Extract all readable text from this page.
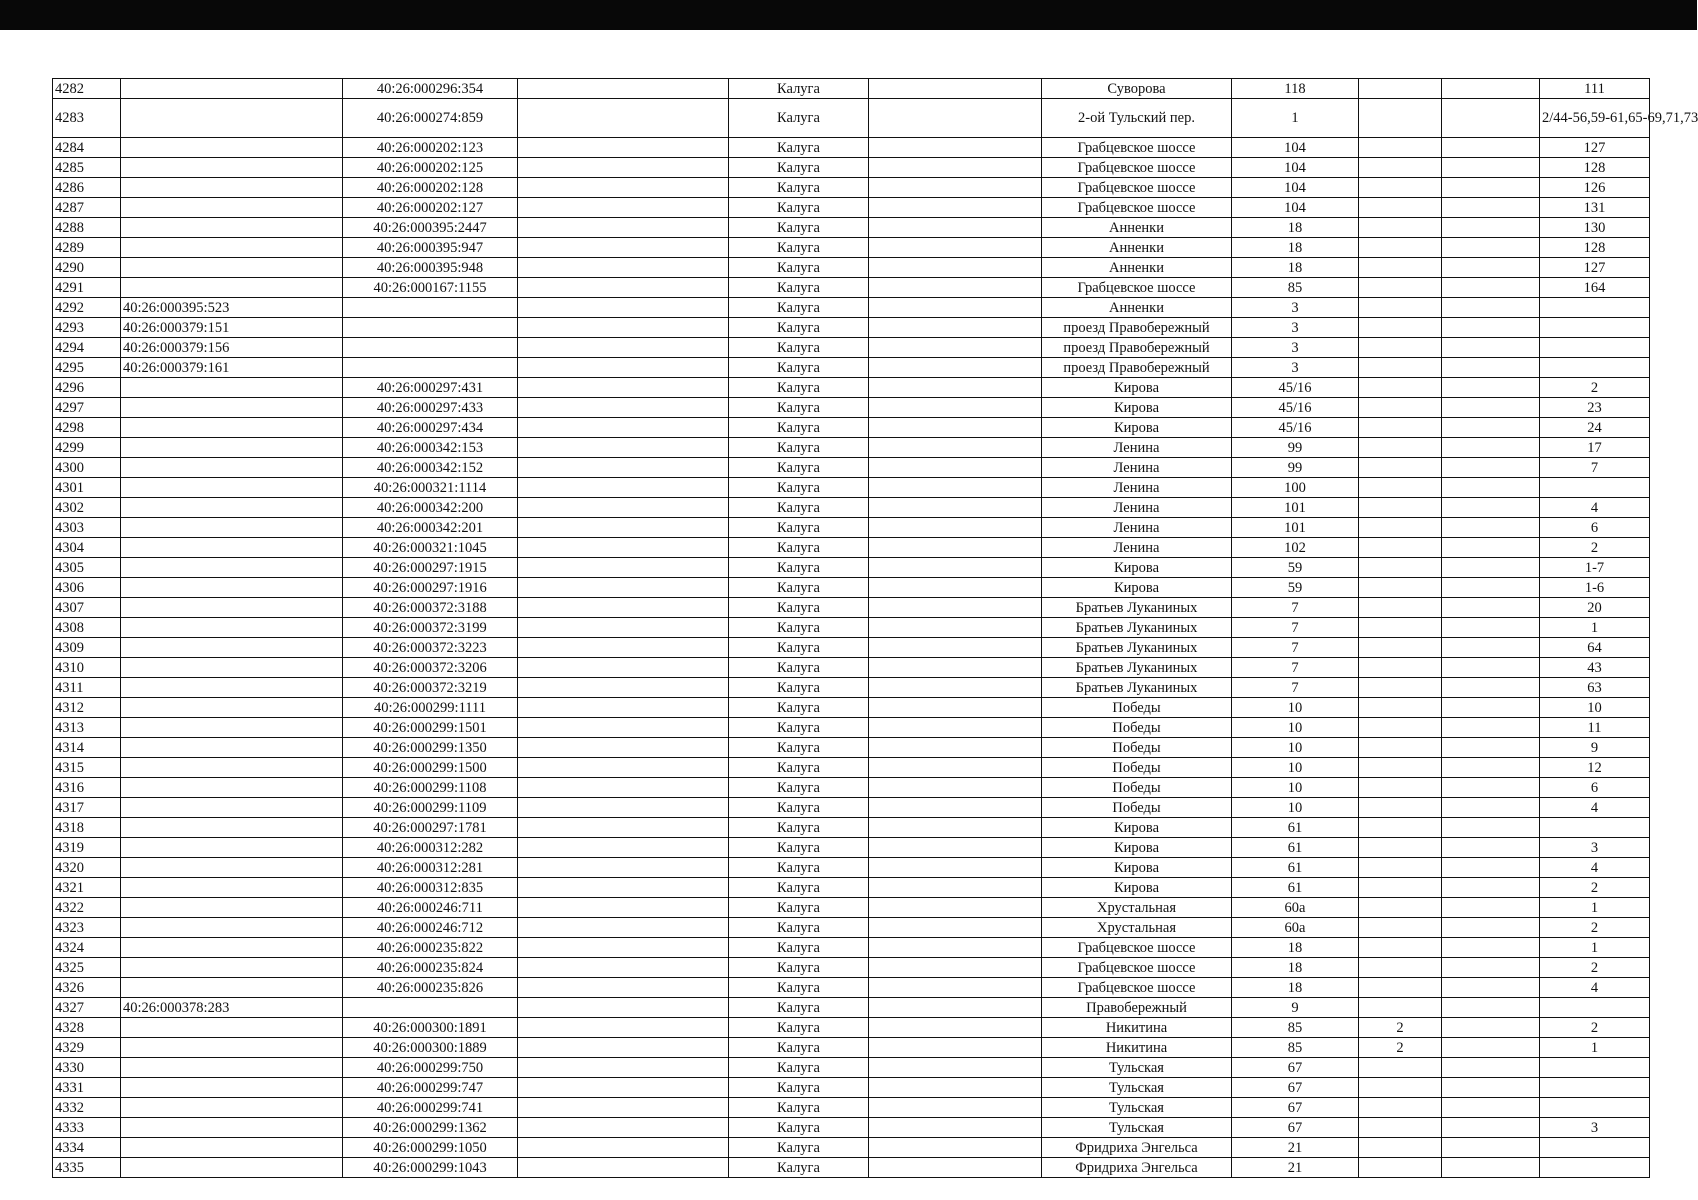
4282		40:26:000296:354		Калуга		Суворова	118			111
4283		40:26:000274:859		Калуга		2-ой Тульский пер.	1			2/44-56,59-61,65-69,71,73
4284		40:26:000202:123		Калуга		Грабцевское шоссе	104			127
4285		40:26:000202:125		Калуга		Грабцевское шоссе	104			128
4286		40:26:000202:128		Калуга		Грабцевское шоссе	104			126
4287		40:26:000202:127		Калуга		Грабцевское шоссе	104			131
4288		40:26:000395:2447		Калуга		Анненки	18			130
4289		40:26:000395:947		Калуга		Анненки	18			128
4290		40:26:000395:948		Калуга		Анненки	18			127
4291		40:26:000167:1155		Калуга		Грабцевское шоссе	85			164
4292	40:26:000395:523			Калуга		Анненки	3			
4293	40:26:000379:151			Калуга		проезд Правобережный	3			
4294	40:26:000379:156			Калуга		проезд Правобережный	3			
4295	40:26:000379:161			Калуга		проезд Правобережный	3			
4296		40:26:000297:431		Калуга		Кирова	45/16			2
4297		40:26:000297:433		Калуга		Кирова	45/16			23
4298		40:26:000297:434		Калуга		Кирова	45/16			24
4299		40:26:000342:153		Калуга		Ленина	99			17
4300		40:26:000342:152		Калуга		Ленина	99			7
4301		40:26:000321:1114		Калуга		Ленина	100			
4302		40:26:000342:200		Калуга		Ленина	101			4
4303		40:26:000342:201		Калуга		Ленина	101			6
4304		40:26:000321:1045		Калуга		Ленина	102			2
4305		40:26:000297:1915		Калуга		Кирова	59			1-7
4306		40:26:000297:1916		Калуга		Кирова	59			1-6
4307		40:26:000372:3188		Калуга		Братьев Луканиных	7			20
4308		40:26:000372:3199		Калуга		Братьев Луканиных	7			1
4309		40:26:000372:3223		Калуга		Братьев Луканиных	7			64
4310		40:26:000372:3206		Калуга		Братьев Луканиных	7			43
4311		40:26:000372:3219		Калуга		Братьев Луканиных	7			63
4312		40:26:000299:1111		Калуга		Победы	10			10
4313		40:26:000299:1501		Калуга		Победы	10			11
4314		40:26:000299:1350		Калуга		Победы	10			9
4315		40:26:000299:1500		Калуга		Победы	10			12
4316		40:26:000299:1108		Калуга		Победы	10			6
4317		40:26:000299:1109		Калуга		Победы	10			4
4318		40:26:000297:1781		Калуга		Кирова	61			
4319		40:26:000312:282		Калуга		Кирова	61			3
4320		40:26:000312:281		Калуга		Кирова	61			4
4321		40:26:000312:835		Калуга		Кирова	61			2
4322		40:26:000246:711		Калуга		Хрустальная	60а			1
4323		40:26:000246:712		Калуга		Хрустальная	60а			2
4324		40:26:000235:822		Калуга		Грабцевское шоссе	18			1
4325		40:26:000235:824		Калуга		Грабцевское шоссе	18			2
4326		40:26:000235:826		Калуга		Грабцевское шоссе	18			4
4327	40:26:000378:283			Калуга		Правобережный	9			
4328		40:26:000300:1891		Калуга		Никитина	85	2		2
4329		40:26:000300:1889		Калуга		Никитина	85	2		1
4330		40:26:000299:750		Калуга		Тульская	67			
4331		40:26:000299:747		Калуга		Тульская	67			
4332		40:26:000299:741		Калуга		Тульская	67			
4333		40:26:000299:1362		Калуга		Тульская	67			3
4334		40:26:000299:1050		Калуга		Фридриха Энгельса	21			
4335		40:26:000299:1043		Калуга		Фридриха Энгельса	21			
